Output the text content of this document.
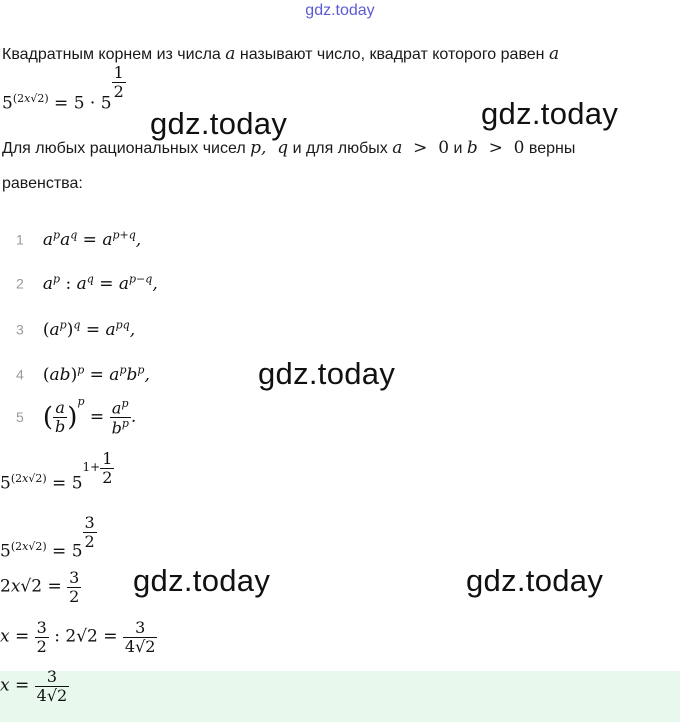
gdz.today
Квадратным корнем из числа a называют число, квадрат которого равен a
$5^{(2x√2)} = 5 \cdot 5$
$\frac{1}{2}$
gdz.today	gdz.today
Для любых рациональных чисел p,  q и для любых a  >  0 и b  >  0 верны
равенства:
1 $a^pa^q = a^{p+q}$,
2 $a^p$ : $a^q = a^{p-q}$,
3 $(a^p)^q = a^{pq}$,
4 $(ab)^p = a^pb^p$,
5 ( $\frac{a}{b} )^p = \frac{a^p}{b^p}$ .
gdz.today
$5^{(2x√2)} = 5^{1+} \frac{1}{2}$
$5^{(2x√2)} = 5$
$\frac{3}{2}$
$2x√2 = \frac{3}{2}$ gdz.today	gdz.today
$x = \frac{3}{2}$ : $2√2 = \frac{3}{4√2}$
$x = \frac{3}{4√2}$
